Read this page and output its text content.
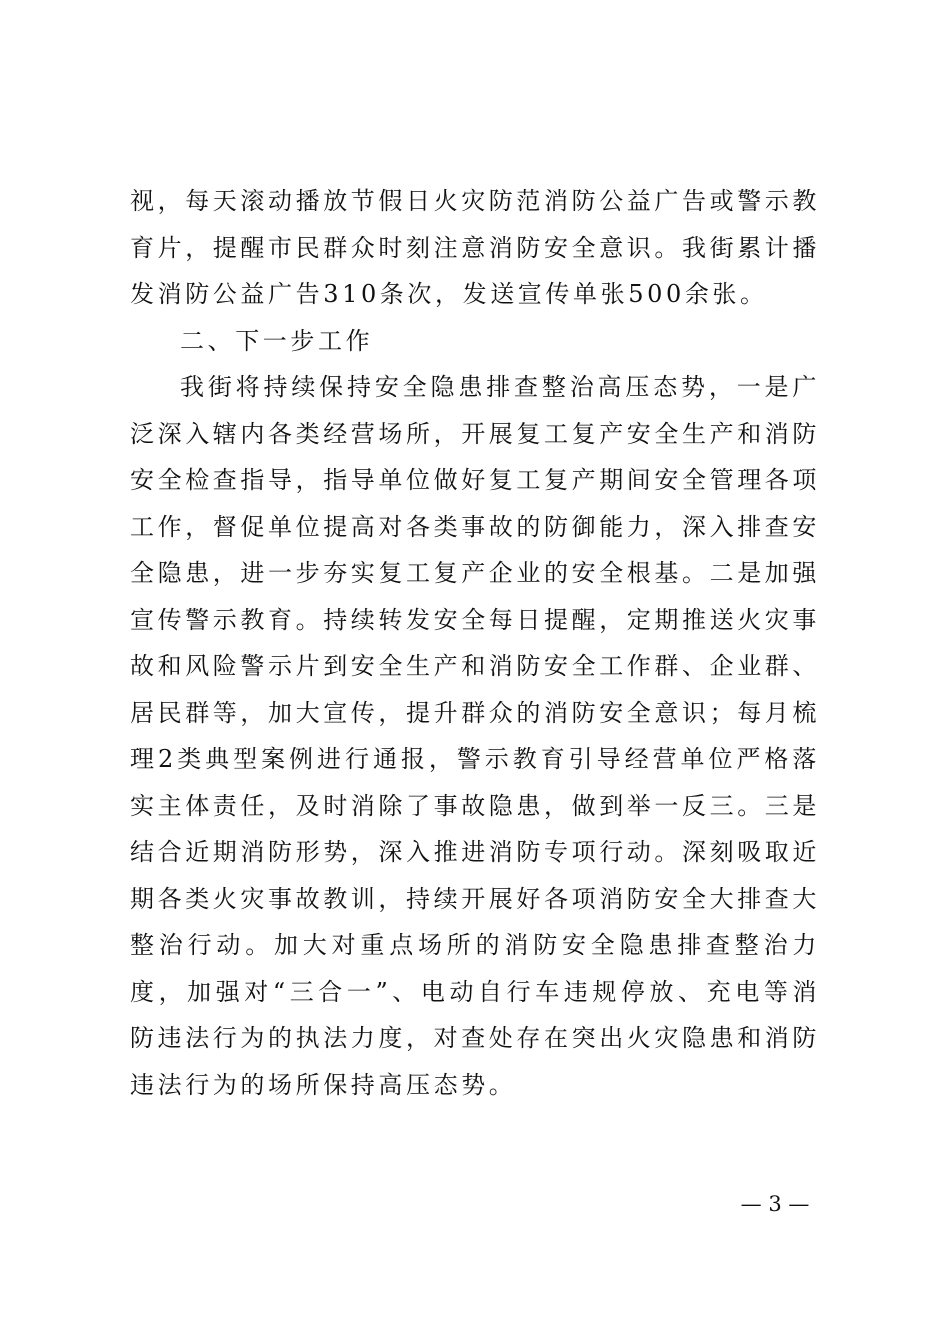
视，每天滚动播放节假日火灾防范消防公益广告或警示教育片，提醒市民群众时刻注意消防安全意识。我街累计播发消防公益广告310条次，发送宣传单张500余张。

二、下一步工作

我街将持续保持安全隐患排查整治高压态势，一是广泛深入辖内各类经营场所，开展复工复产安全生产和消防安全检查指导，指导单位做好复工复产期间安全管理各项工作，督促单位提高对各类事故的防御能力，深入排查安全隐患，进一步夯实复工复产企业的安全根基。二是加强宣传警示教育。持续转发安全每日提醒，定期推送火灾事故和风险警示片到安全生产和消防安全工作群、企业群、居民群等，加大宣传，提升群众的消防安全意识；每月梳理2类典型案例进行通报，警示教育引导经营单位严格落实主体责任，及时消除了事故隐患，做到举一反三。三是结合近期消防形势，深入推进消防专项行动。深刻吸取近期各类火灾事故教训，持续开展好各项消防安全大排查大整治行动。加大对重点场所的消防安全隐患排查整治力度，加强对“三合一”、电动自行车违规停放、充电等消防违法行为的执法力度，对查处存在突出火灾隐患和消防违法行为的场所保持高压态势。

— 3 —
